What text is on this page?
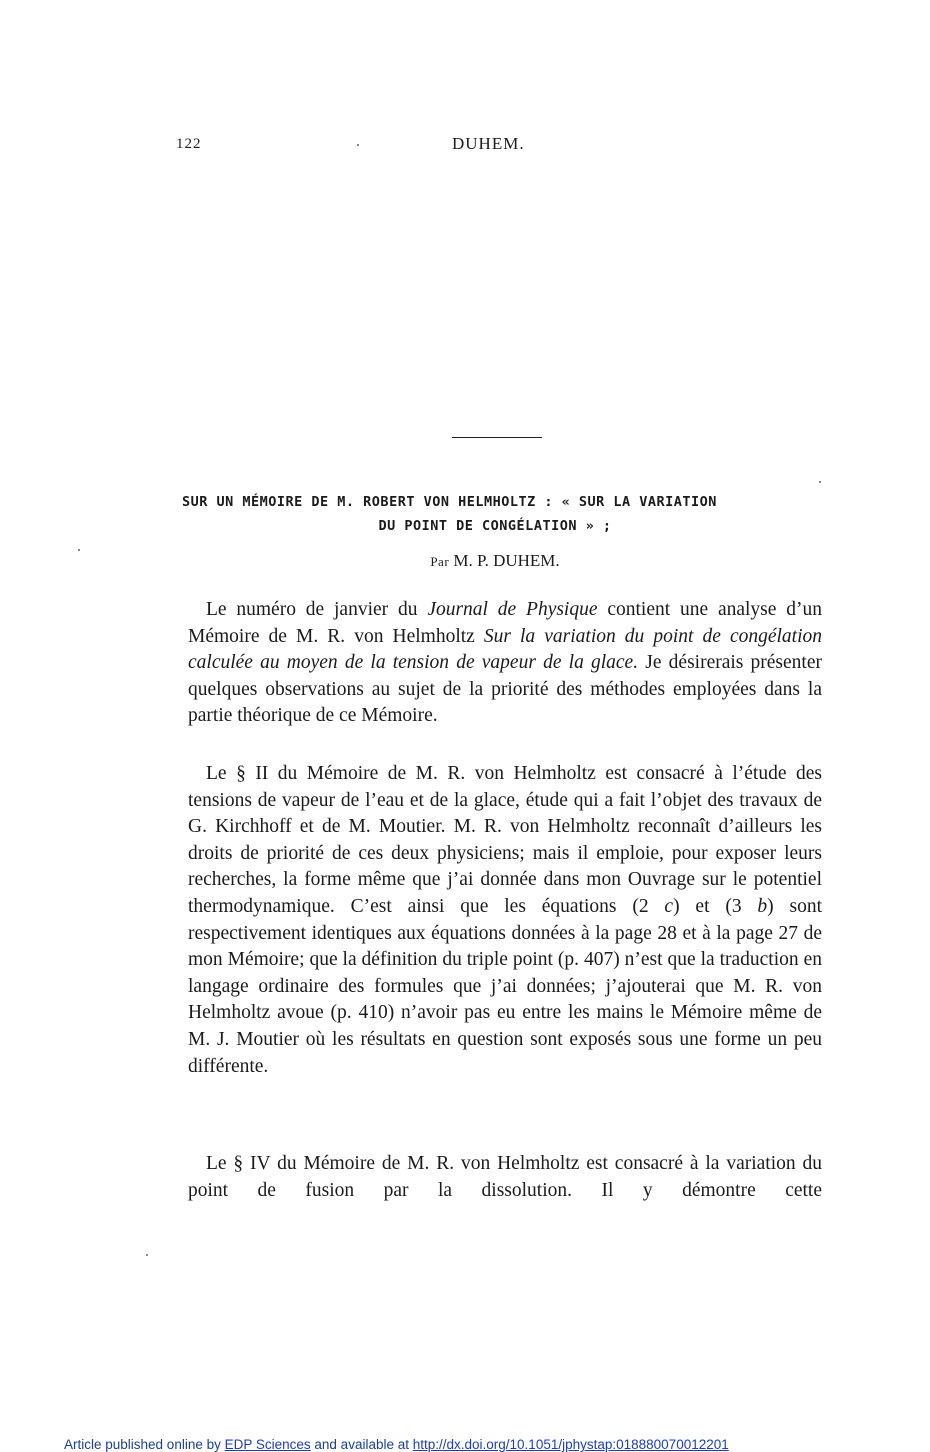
122	DUHEM.
SUR UN MÉMOIRE DE M. ROBERT VON HELMHOLTZ : « SUR LA VARIATION
DU POINT DE CONGÉLATION » ;
Par M. P. DUHEM.

Le numéro de janvier du Journal de Physique contient une analyse d’un Mémoire de M. R. von Helmholtz Sur la variation du point de congélation calculée au moyen de la tension de vapeur de la glace. Je désirerais présenter quelques observations au sujet de la priorité des méthodes employées dans la partie théorique de ce Mémoire.

Le § II du Mémoire de M. R. von Helmholtz est consacré à l’étude des tensions de vapeur de l’eau et de la glace, étude qui a fait l’objet des travaux de G. Kirchhoff et de M. Moutier. M. R. von Helmholtz reconnaît d’ailleurs les droits de priorité de ces deux physiciens; mais il emploie, pour exposer leurs recherches, la forme même que j’ai donnée dans mon Ouvrage sur le potentiel thermodynamique. C’est ainsi que les équations (2 c) et (3 b) sont respectivement identiques aux équations données à la page 28 et à la page 27 de mon Mémoire; que la définition du triple point (p. 407) n’est que la traduction en langage ordinaire des formules que j’ai données; j’ajouterai que M. R. von Helmholtz avoue (p. 410) n’avoir pas eu entre les mains le Mémoire même de M. J. Moutier où les résultats en question sont exposés sous une forme un peu différente.

Le § IV du Mémoire de M. R. von Helmholtz est consacré à la variation du point de fusion par la dissolution. Il y démontre cette

Article published online by EDP Sciences and available at http://dx.doi.org/10.1051/jphystap:018880070012201
